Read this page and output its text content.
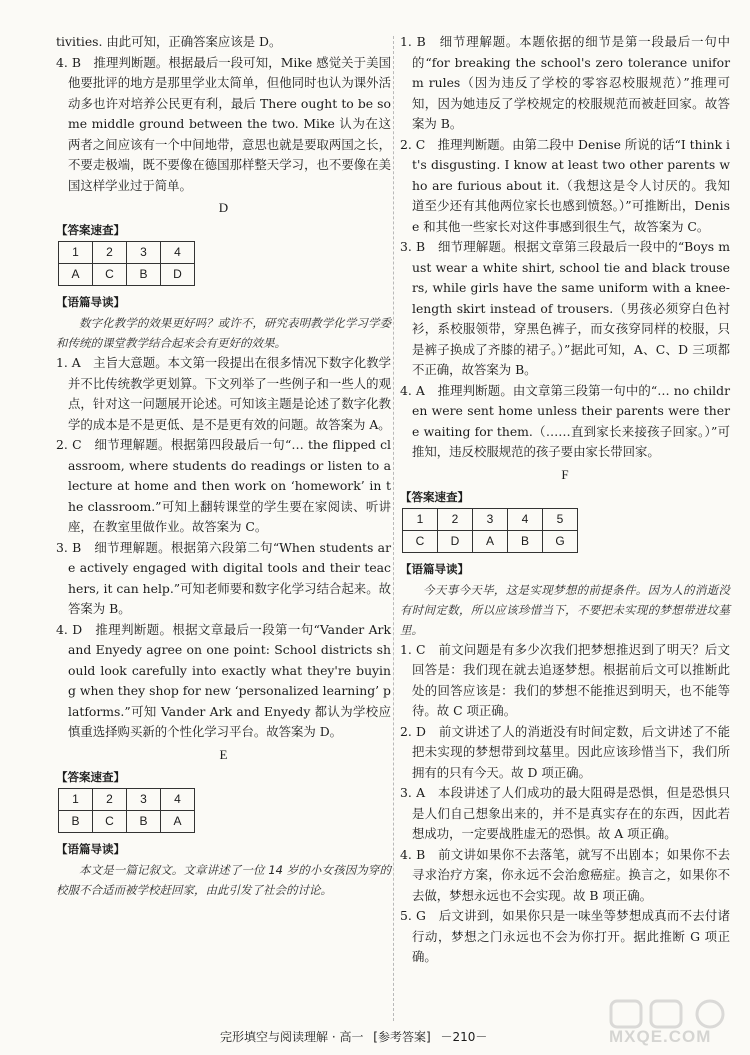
tivities. 由此可知，正确答案应该是 D。

4. B　推理判断题。根据最后一段可知，Mike 感觉关于美国他要批评的地方是那里学业太简单，但他同时也认为课外活动多也许对培养公民更有利，最后 There ought to be some middle ground between the two. Mike 认为在这两者之间应该有一个中间地带，意思也就是要取两国之长，不要走极端，既不要像在德国那样整天学习，也不要像在美国这样学业过于简单。

D
【答案速查】
1	2	3	4
A	C	B	D
【语篇导读】

数字化教学的效果更好吗？或许不，研究表明教学化学习学委和传统的课堂教学结合起来会有更好的效果。

1. A　主旨大意题。本文第一段提出在很多情况下数字化教学并不比传统教学更划算。下文列举了一些例子和一些人的观点，针对这一问题展开论述。可知该主题是论述了数字化教学的成本是不是更低、是不是更有效的问题。故答案为 A。

2. C　细节理解题。根据第四段最后一句“… the flipped classroom, where students do readings or listen to a lecture at home and then work on ‘homework’ in the classroom.”可知上翻转课堂的学生要在家阅读、听讲座，在教室里做作业。故答案为 C。

3. B　细节理解题。根据第六段第二句“When students are actively engaged with digital tools and their teachers, it can help.”可知老师要和数字化学习结合起来。故答案为 B。

4. D　推理判断题。根据文章最后一段第一句“Vander Ark and Enyedy agree on one point: School districts should look carefully into exactly what they're buying when they shop for new ‘personalized learning’ platforms.”可知 Vander Ark and Enyedy 都认为学校应慎重选择购买新的个性化学习平台。故答案为 D。

E
【答案速查】
1	2	3	4
B	C	B	A
【语篇导读】

本文是一篇记叙文。文章讲述了一位 14 岁的小女孩因为穿的校服不合适而被学校赶回家，由此引发了社会的讨论。

1. B　细节理解题。本题依据的细节是第一段最后一句中的“for breaking the school's zero tolerance uniform rules（因为违反了学校的零容忍校服规范）”推理可知，因为她违反了学校规定的校服规范而被赶回家。故答案为 B。

2. C　推理判断题。由第二段中 Denise 所说的话“I think it's disgusting. I know at least two other parents who are furious about it.（我想这是令人讨厌的。我知道至少还有其他两位家长也感到愤怒。）”可推断出，Denise 和其他一些家长对这件事感到很生气，故答案为 C。

3. B　细节理解题。根据文章第三段最后一段中的“Boys must wear a white shirt, school tie and black trousers, while girls have the same uniform with a knee-length skirt instead of trousers.（男孩必须穿白色衬衫，系校服领带，穿黑色裤子，而女孩穿同样的校服，只是裤子换成了齐膝的裙子。）”据此可知，A、C、D 三项都不正确，故答案为 B。

4. A　推理判断题。由文章第三段第一句中的“… no children were sent home unless their parents were there waiting for them.（……直到家长来接孩子回家。）”可推知，违反校服规范的孩子要由家长带回家。

F
【答案速查】
1	2	3	4	5
C	D	A	B	G
【语篇导读】

今天事今天毕，这是实现梦想的前提条件。因为人的消逝没有时间定数，所以应该珍惜当下，不要把未实现的梦想带进坟墓里。

1. C　前文问题是有多少次我们把梦想推迟到了明天？后文回答是：我们现在就去追逐梦想。根据前后文可以推断此处的回答应该是：我们的梦想不能推迟到明天，也不能等待。故 C 项正确。

2. D　前文讲述了人的消逝没有时间定数，后文讲述了不能把未实现的梦想带到坟墓里。因此应该珍惜当下，我们所拥有的只有今天。故 D 项正确。

3. A　本段讲述了人们成功的最大阻碍是恐惧，但是恐惧只是人们自己想象出来的，并不是真实存在的东西，因此若想成功，一定要战胜虚无的恐惧。故 A 项正确。

4. B　前文讲如果你不去落笔，就写不出剧本；如果你不去寻求治疗方案，你永远不会治愈癌症。换言之，如果你不去做，梦想永远也不会实现。故 B 项正确。

5. G　后文讲到，如果你只是一味坐等梦想成真而不去付诸行动，梦想之门永远也不会为你打开。据此推断 G 项正确。

完形填空与阅读理解 · 高一 [参考答案] －210－	MXQE.COM
